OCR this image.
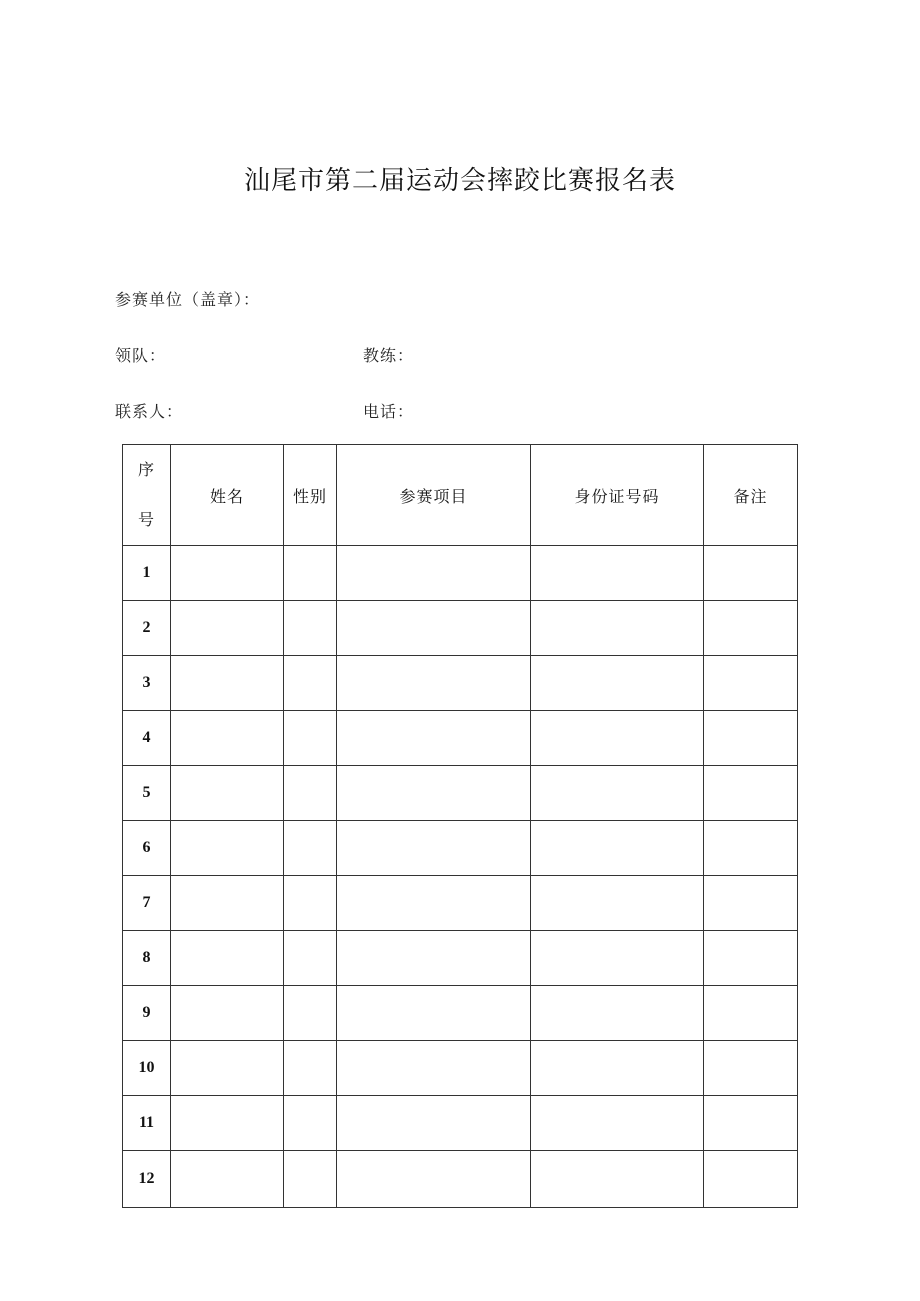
汕尾市第二届运动会摔跤比赛报名表
参赛单位（盖章）：
领队：	教练：
联系人：	电话：
序
号	姓名	性别	参赛项目	身份证号码	备注
1					
2					
3					
4					
5					
6					
7					
8					
9					
10					
11					
12					
